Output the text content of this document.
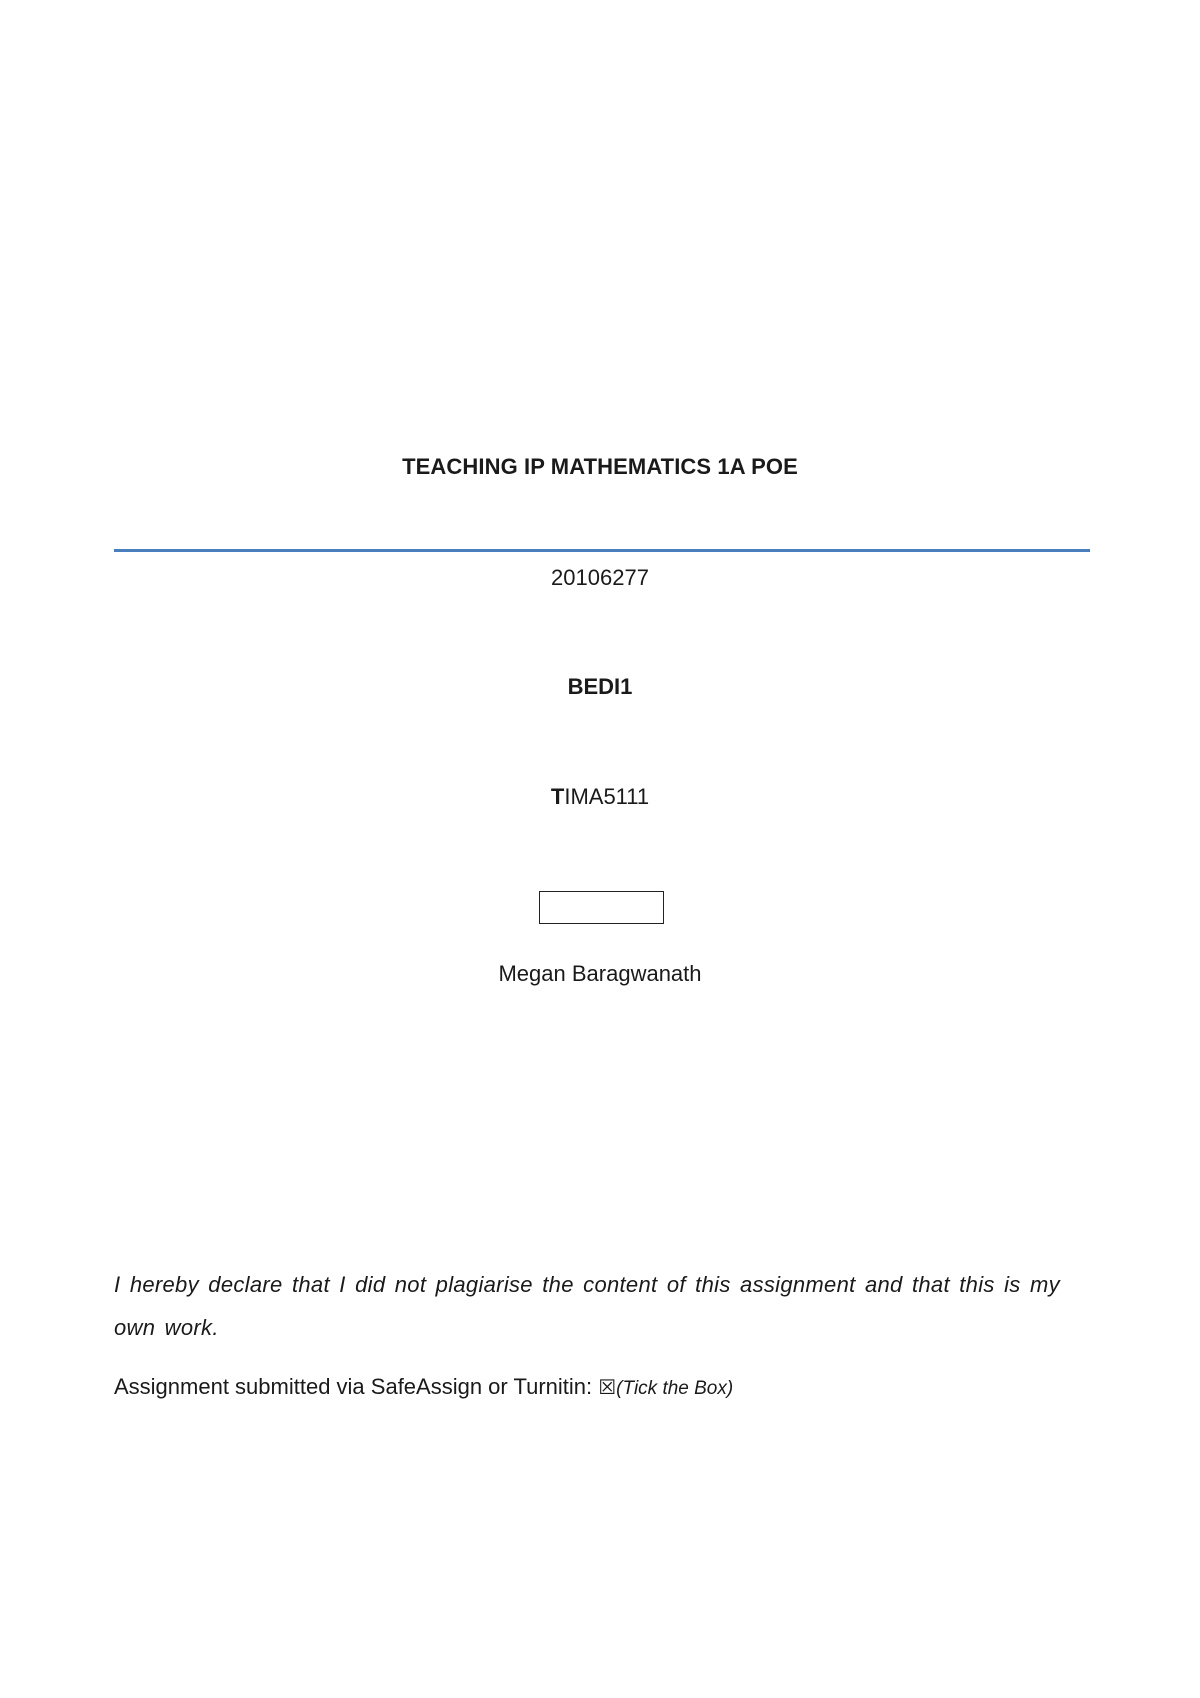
TEACHING IP MATHEMATICS 1A POE
20106277
BEDI1
TIMA5111
Megan Baragwanath
I hereby declare that I did not plagiarise the content of this assignment and that this is my own work.
Assignment submitted via SafeAssign or Turnitin: ☒(Tick the Box)
